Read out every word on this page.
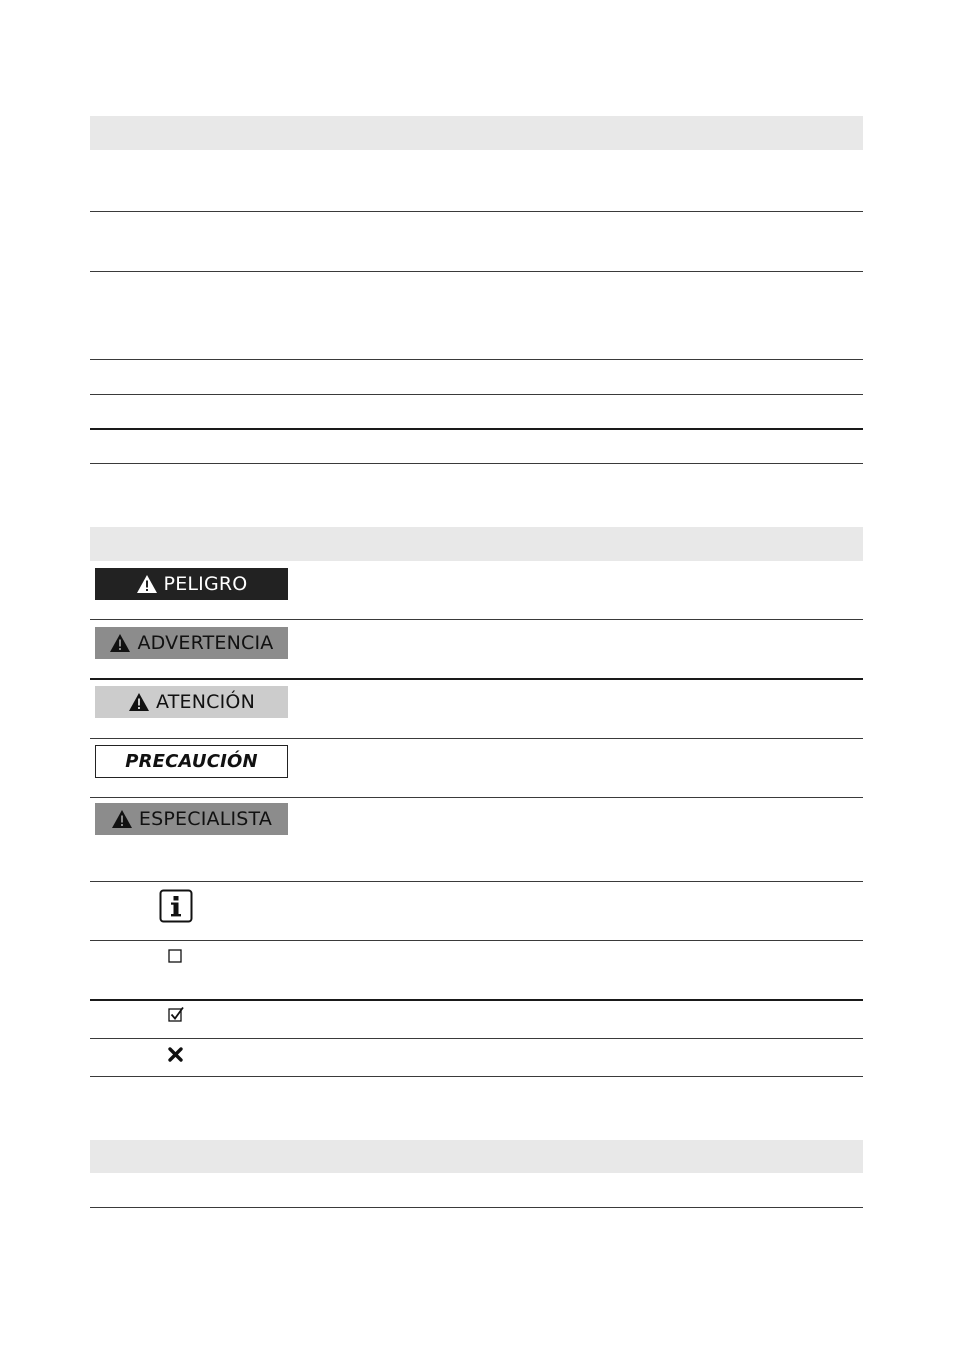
PELIGRO
ADVERTENCIA
ATENCIÓN
PRECAUCIÓN
ESPECIALISTA
